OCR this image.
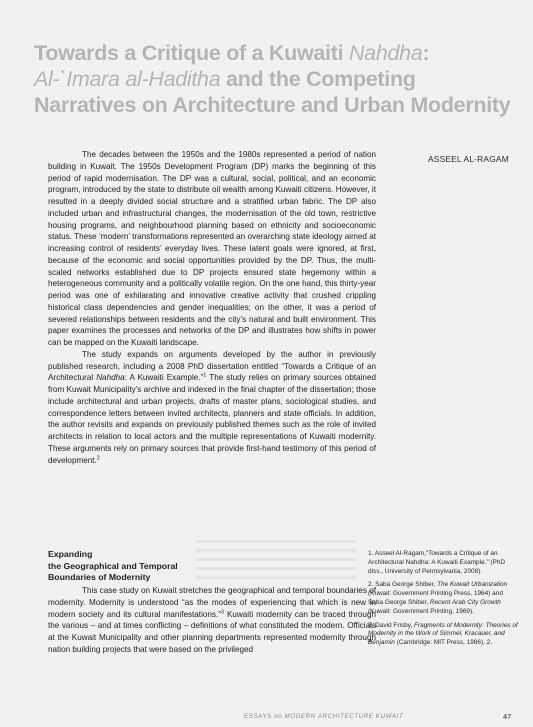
Towards a Critique of a Kuwaiti Nahdha:
Al-`Imara al-Haditha and the Competing
Narratives on Architecture and Urban Modernity
ASSEEL AL-RAGAM

The decades between the 1950s and the 1980s represented a period of nation building in Kuwait. The 1950s Development Program (DP) marks the beginning of this period of rapid modernisation. The DP was a cultural, social, political, and an economic program, introduced by the state to distribute oil wealth among Kuwaiti citizens. However, it resulted in a deeply divided social structure and a stratified urban fabric. The DP also included urban and infrastructural changes, the modernisation of the old town, restrictive housing programs, and neighbourhood planning based on ethnicity and socioeconomic status. These ‘modern’ transformations represented an overarching state ideology aimed at increasing control of residents’ everyday lives. These latent goals were ignored, at first, because of the economic and social opportunities provided by the DP. Thus, the multi-scaled networks established due to DP projects ensured state hegemony within a heterogeneous community and a politically volatile region. On the one hand, this thirty-year period was one of exhilarating and innovative creative activity that crushed crippling historical class dependencies and gender inequalities; on the other, it was a period of severed relationships between residents and the city’s natural and built environment. This paper examines the processes and networks of the DP and illustrates how shifts in power can be mapped on the Kuwaiti landscape.

The study expands on arguments developed by the author in previously published research, including a 2008 PhD dissertation entitled “Towards a Critique of an Architectural Nahdha: A Kuwaiti Example.”$^1$ The study relies on primary sources obtained from Kuwait Municipality’s archive and indexed in the final chapter of the dissertation; those include architectural and urban projects, drafts of master plans, sociological studies, and correspondence letters between invited architects, planners and state officials. In addition, the author revisits and expands on previously published themes such as the role of invited architects in relation to local actors and the multiple representations of Kuwaiti modernity. These arguments rely on primary sources that provide first-hand testimony of this period of development.$^2$

Expanding
the Geographical and Temporal
Boundaries of Modernity

This case study on Kuwait stretches the geographical and temporal boundaries of modernity. Modernity is understood “as the modes of experiencing that which is new in modern society and its cultural manifestations.”$^3$ Kuwaiti modernity can be traced through the various – and at times conflicting – definitions of what constituted the modern. Officials at the Kuwait Municipality and other planning departments represented modernity through nation building projects that were based on the privileged

1. Asseel Al-Ragam,“Towards a Critique of an Architectural Nahdha: A Kuwaiti Example.” (PhD diss., University of Pennsylvania, 2008).
2. Saba George Shiber, The Kuwait Urbanization (Kuwait: Government Printing Press, 1964) and Saba George Shiber, Recent Arab City Growth (Kuwait: Government Printing, 1969).
3. David Frisby, Fragments of Modernity: Theories of Modernity in the Work of Simmel, Kracauer, and Benjamin (Cambridge: MIT Press, 1986), 2.
ESSAYS on MODERN ARCHITECTURE KUWAIT	47
